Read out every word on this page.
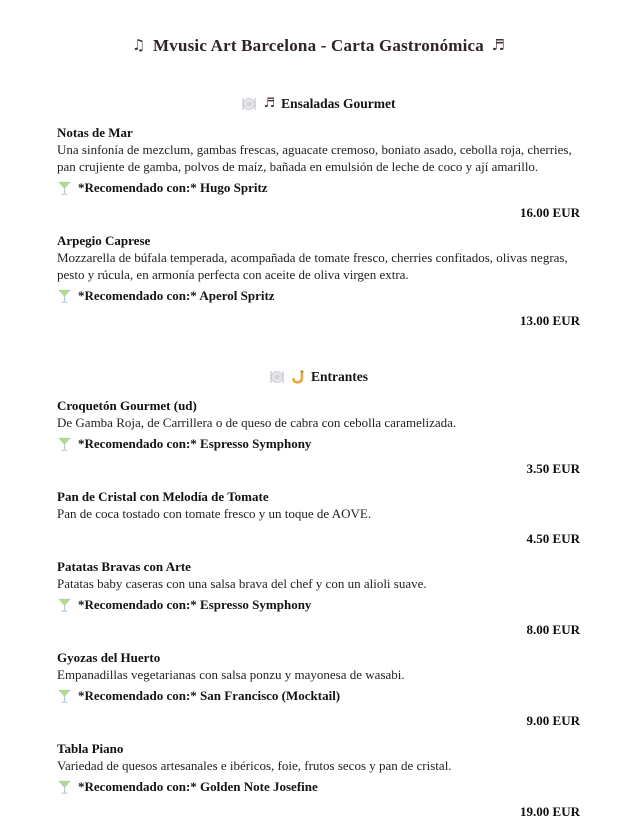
♫ Mvusic Art Barcelona - Carta Gastronómica ♬
♬ Ensaladas Gourmet
Notas de Mar
Una sinfonía de mezclum, gambas frescas, aguacate cremoso, boniato asado, cebolla roja, cherries, pan crujiente de gamba, polvos de maíz, bañada en emulsión de leche de coco y ají amarillo.
*Recomendado con:* Hugo Spritz
16.00 EUR
Arpegio Caprese
Mozzarella de búfala temperada, acompañada de tomate fresco, cherries confitados, olivas negras, pesto y rúcula, en armonía perfecta con aceite de oliva virgen extra.
*Recomendado con:* Aperol Spritz
13.00 EUR
Entrantes
Croquetón Gourmet (ud)
De Gamba Roja, de Carrillera o de queso de cabra con cebolla caramelizada.
*Recomendado con:* Espresso Symphony
3.50 EUR
Pan de Cristal con Melodía de Tomate
Pan de coca tostado con tomate fresco y un toque de AOVE.
4.50 EUR
Patatas Bravas con Arte
Patatas baby caseras con una salsa brava del chef y con un alioli suave.
*Recomendado con:* Espresso Symphony
8.00 EUR
Gyozas del Huerto
Empanadillas vegetarianas con salsa ponzu y mayonesa de wasabi.
*Recomendado con:* San Francisco (Mocktail)
9.00 EUR
Tabla Piano
Variedad de quesos artesanales e ibéricos, foie, frutos secos y pan de cristal.
*Recomendado con:* Golden Note Josefine
19.00 EUR
